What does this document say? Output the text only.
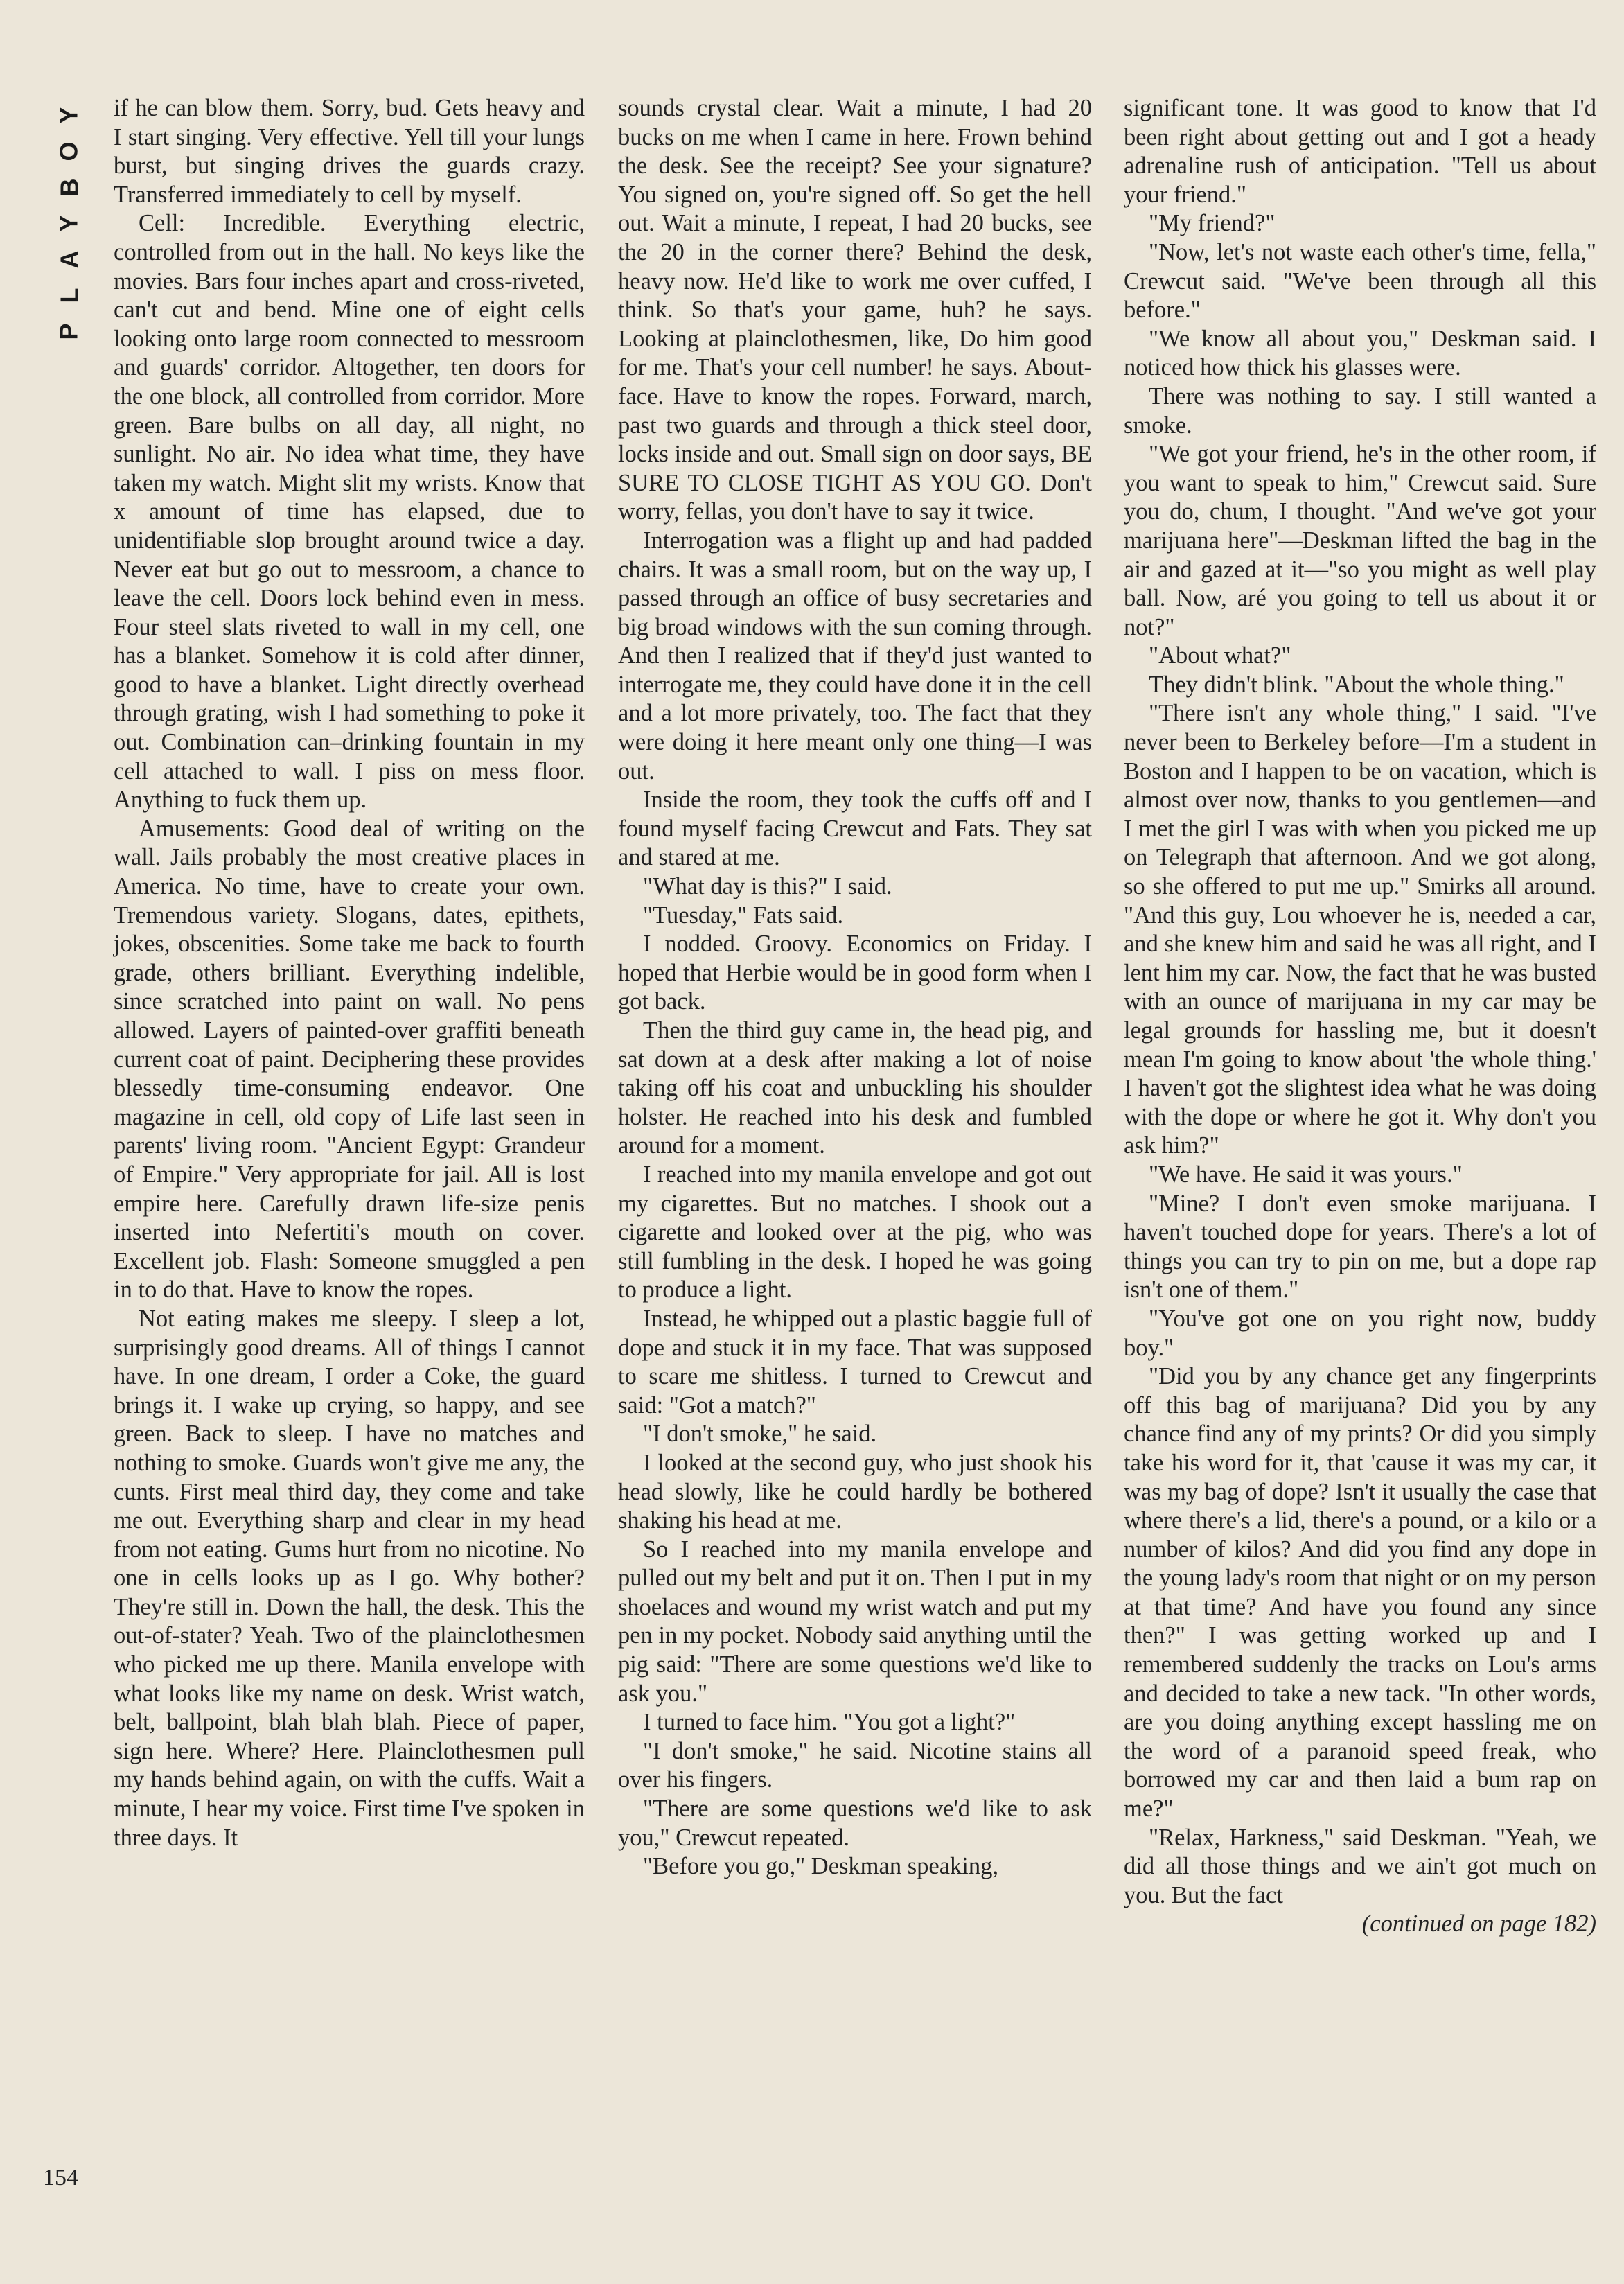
Y
O
B
Y
A
L
P

if he can blow them. Sorry, bud. Gets heavy and I start singing. Very effective. Yell till your lungs burst, but singing drives the guards crazy. Transferred immediately to cell by myself.

Cell: Incredible. Everything electric, controlled from out in the hall. No keys like the movies. Bars four inches apart and cross-riveted, can't cut and bend. Mine one of eight cells looking onto large room connected to messroom and guards' corridor. Altogether, ten doors for the one block, all controlled from corridor. More green. Bare bulbs on all day, all night, no sunlight. No air. No idea what time, they have taken my watch. Might slit my wrists. Know that x amount of time has elapsed, due to unidentifiable slop brought around twice a day. Never eat but go out to messroom, a chance to leave the cell. Doors lock behind even in mess. Four steel slats riveted to wall in my cell, one has a blanket. Somehow it is cold after dinner, good to have a blanket. Light directly overhead through grating, wish I had something to poke it out. Combination can–drinking fountain in my cell attached to wall. I piss on mess floor. Anything to fuck them up.

Amusements: Good deal of writing on the wall. Jails probably the most creative places in America. No time, have to create your own. Tremendous variety. Slogans, dates, epithets, jokes, obscenities. Some take me back to fourth grade, others brilliant. Everything indelible, since scratched into paint on wall. No pens allowed. Layers of painted-over graffiti beneath current coat of paint. Deciphering these provides blessedly time-consuming endeavor. One magazine in cell, old copy of Life last seen in parents' living room. "Ancient Egypt: Grandeur of Empire." Very appropriate for jail. All is lost empire here. Carefully drawn life-size penis inserted into Nefertiti's mouth on cover. Excellent job. Flash: Someone smuggled a pen in to do that. Have to know the ropes.

Not eating makes me sleepy. I sleep a lot, surprisingly good dreams. All of things I cannot have. In one dream, I order a Coke, the guard brings it. I wake up crying, so happy, and see green. Back to sleep. I have no matches and nothing to smoke. Guards won't give me any, the cunts. First meal third day, they come and take me out. Everything sharp and clear in my head from not eating. Gums hurt from no nicotine. No one in cells looks up as I go. Why bother? They're still in. Down the hall, the desk. This the out-of-stater? Yeah. Two of the plainclothesmen who picked me up there. Manila envelope with what looks like my name on desk. Wrist watch, belt, ballpoint, blah blah blah. Piece of paper, sign here. Where? Here. Plainclothesmen pull my hands behind again, on with the cuffs. Wait a minute, I hear my voice. First time I've spoken in three days. It

sounds crystal clear. Wait a minute, I had 20 bucks on me when I came in here. Frown behind the desk. See the receipt? See your signature? You signed on, you're signed off. So get the hell out. Wait a minute, I repeat, I had 20 bucks, see the 20 in the corner there? Behind the desk, heavy now. He'd like to work me over cuffed, I think. So that's your game, huh? he says. Looking at plainclothesmen, like, Do him good for me. That's your cell number! he says. About-face. Have to know the ropes. Forward, march, past two guards and through a thick steel door, locks inside and out. Small sign on door says, BE SURE TO CLOSE TIGHT AS YOU GO. Don't worry, fellas, you don't have to say it twice.

Interrogation was a flight up and had padded chairs. It was a small room, but on the way up, I passed through an office of busy secretaries and big broad windows with the sun coming through. And then I realized that if they'd just wanted to interrogate me, they could have done it in the cell and a lot more privately, too. The fact that they were doing it here meant only one thing—I was out.

Inside the room, they took the cuffs off and I found myself facing Crewcut and Fats. They sat and stared at me.

"What day is this?" I said.

"Tuesday," Fats said.

I nodded. Groovy. Economics on Friday. I hoped that Herbie would be in good form when I got back.

Then the third guy came in, the head pig, and sat down at a desk after making a lot of noise taking off his coat and unbuckling his shoulder holster. He reached into his desk and fumbled around for a moment.

I reached into my manila envelope and got out my cigarettes. But no matches. I shook out a cigarette and looked over at the pig, who was still fumbling in the desk. I hoped he was going to produce a light.

Instead, he whipped out a plastic baggie full of dope and stuck it in my face. That was supposed to scare me shitless. I turned to Crewcut and said: "Got a match?"

"I don't smoke," he said.

I looked at the second guy, who just shook his head slowly, like he could hardly be bothered shaking his head at me.

So I reached into my manila envelope and pulled out my belt and put it on. Then I put in my shoelaces and wound my wrist watch and put my pen in my pocket. Nobody said anything until the pig said: "There are some questions we'd like to ask you."

I turned to face him. "You got a light?"

"I don't smoke," he said. Nicotine stains all over his fingers.

"There are some questions we'd like to ask you," Crewcut repeated.

"Before you go," Deskman speaking,

significant tone. It was good to know that I'd been right about getting out and I got a heady adrenaline rush of anticipation. "Tell us about your friend."

"My friend?"

"Now, let's not waste each other's time, fella," Crewcut said. "We've been through all this before."

"We know all about you," Deskman said. I noticed how thick his glasses were.

There was nothing to say. I still wanted a smoke.

"We got your friend, he's in the other room, if you want to speak to him," Crewcut said. Sure you do, chum, I thought. "And we've got your marijuana here"—Deskman lifted the bag in the air and gazed at it—"so you might as well play ball. Now, aré you going to tell us about it or not?"

"About what?"

They didn't blink. "About the whole thing."

"There isn't any whole thing," I said. "I've never been to Berkeley before—I'm a student in Boston and I happen to be on vacation, which is almost over now, thanks to you gentlemen—and I met the girl I was with when you picked me up on Telegraph that afternoon. And we got along, so she offered to put me up." Smirks all around. "And this guy, Lou whoever he is, needed a car, and she knew him and said he was all right, and I lent him my car. Now, the fact that he was busted with an ounce of marijuana in my car may be legal grounds for hassling me, but it doesn't mean I'm going to know about 'the whole thing.' I haven't got the slightest idea what he was doing with the dope or where he got it. Why don't you ask him?"

"We have. He said it was yours."

"Mine? I don't even smoke marijuana. I haven't touched dope for years. There's a lot of things you can try to pin on me, but a dope rap isn't one of them."

"You've got one on you right now, buddy boy."

"Did you by any chance get any fingerprints off this bag of marijuana? Did you by any chance find any of my prints? Or did you simply take his word for it, that 'cause it was my car, it was my bag of dope? Isn't it usually the case that where there's a lid, there's a pound, or a kilo or a number of kilos? And did you find any dope in the young lady's room that night or on my person at that time? And have you found any since then?" I was getting worked up and I remembered suddenly the tracks on Lou's arms and decided to take a new tack. "In other words, are you doing anything except hassling me on the word of a paranoid speed freak, who borrowed my car and then laid a bum rap on me?"

"Relax, Harkness," said Deskman. "Yeah, we did all those things and we ain't got much on you. But the fact

(continued on page 182)

154
